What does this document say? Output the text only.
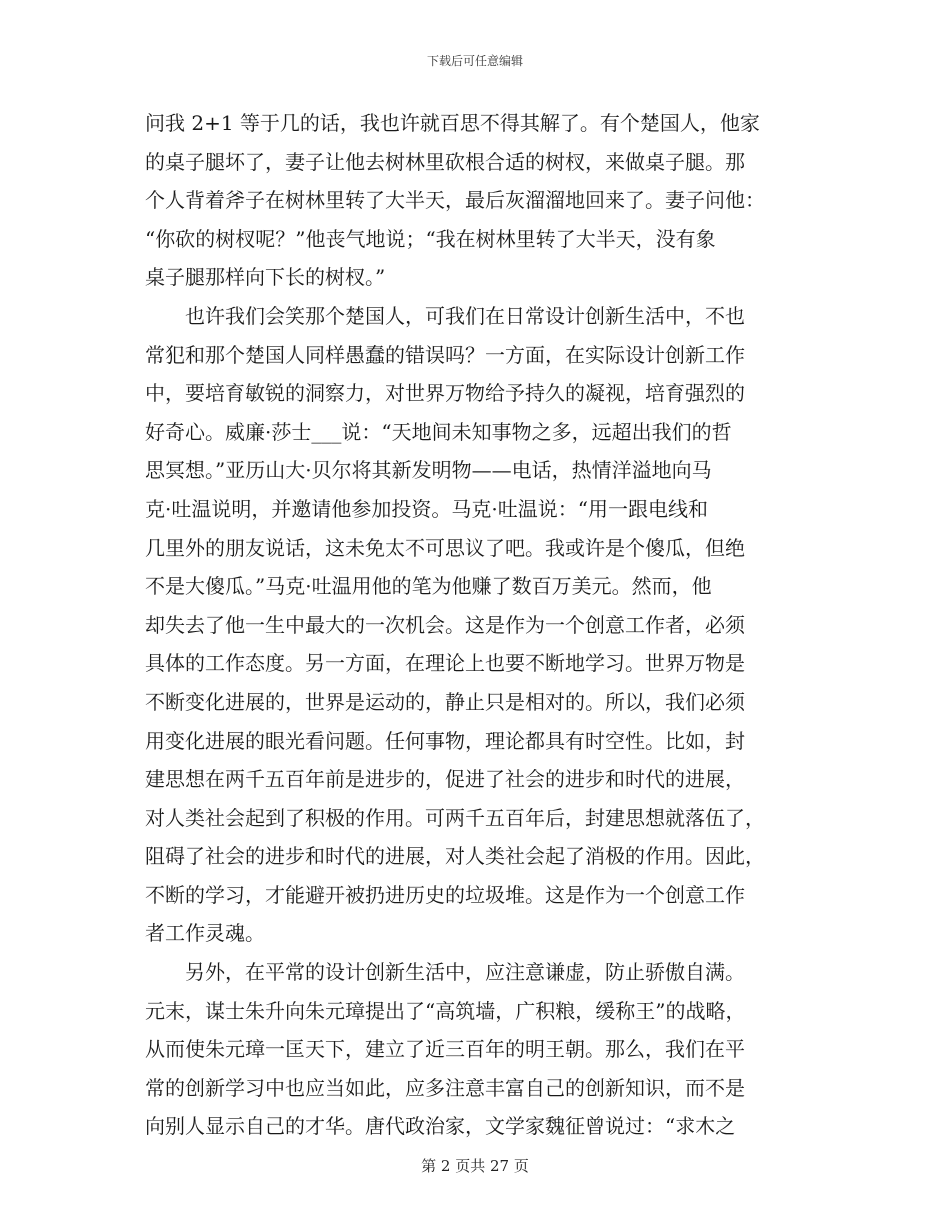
下载后可任意编辑
问我 2+1 等于几的话，我也许就百思不得其解了。有个楚国人，他家
的桌子腿坏了，妻子让他去树林里砍根合适的树杈，来做桌子腿。那
个人背着斧子在树林里转了大半天，最后灰溜溜地回来了。妻子问他：
“你砍的树杈呢？”他丧气地说；“我在树林里转了大半天，没有象
桌子腿那样向下长的树杈。”
也许我们会笑那个楚国人，可我们在日常设计创新生活中，不也
常犯和那个楚国人同样愚蠢的错误吗？一方面，在实际设计创新工作
中，要培育敏锐的洞察力，对世界万物给予持久的凝视，培育强烈的
好奇心。威廉·莎士___说：“天地间未知事物之多，远超出我们的哲
思冥想。”亚历山大·贝尔将其新发明物——电话，热情洋溢地向马
克·吐温说明，并邀请他参加投资。马克·吐温说：“用一跟电线和
几里外的朋友说话，这未免太不可思议了吧。我或许是个傻瓜，但绝
不是大傻瓜。”马克·吐温用他的笔为他赚了数百万美元。然而，他
却失去了他一生中最大的一次机会。这是作为一个创意工作者，必须
具体的工作态度。另一方面，在理论上也要不断地学习。世界万物是
不断变化进展的，世界是运动的，静止只是相对的。所以，我们必须
用变化进展的眼光看问题。任何事物，理论都具有时空性。比如，封
建思想在两千五百年前是进步的，促进了社会的进步和时代的进展，
对人类社会起到了积极的作用。可两千五百年后，封建思想就落伍了，
阻碍了社会的进步和时代的进展，对人类社会起了消极的作用。因此，
不断的学习，才能避开被扔进历史的垃圾堆。这是作为一个创意工作
者工作灵魂。
另外，在平常的设计创新生活中，应注意谦虚，防止骄傲自满。
元末，谋士朱升向朱元璋提出了“高筑墙，广积粮，缓称王”的战略，
从而使朱元璋一匡天下，建立了近三百年的明王朝。那么，我们在平
常的创新学习中也应当如此，应多注意丰富自己的创新知识，而不是
向别人显示自己的才华。唐代政治家，文学家魏征曾说过：“求木之
第 2 页共 27 页
